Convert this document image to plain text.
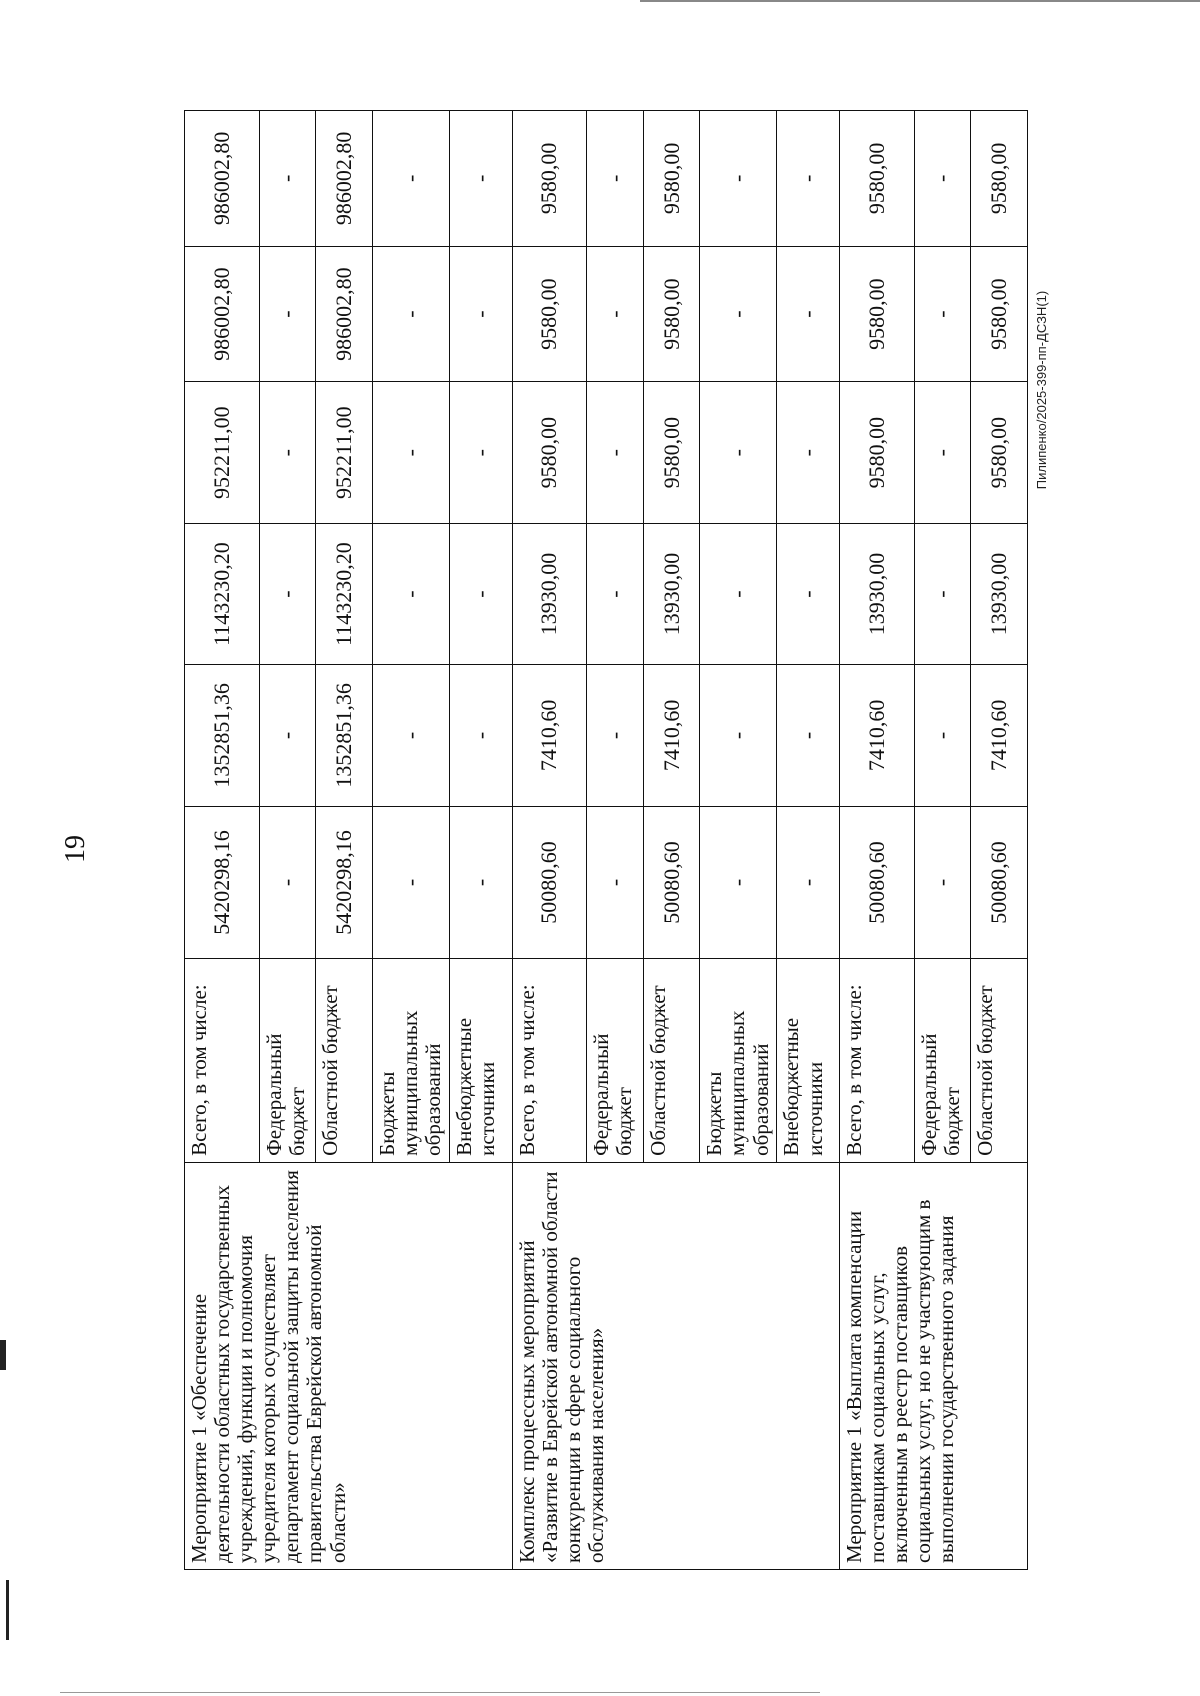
19
Пилипенко/2025-399-пп-ДСЗН(1)
Мероприятие 1 «Обеспечение деятельности областных государственных учреждений, функции и полномочия учредителя которых осуществляет департамент социальной защиты населения правительства Еврейской автономной области»	Всего, в том числе:	5420298,16	1352851,36	1143230,20	952211,00	986002,80	986002,80
	Федеральный бюджет	-	-	-	-	-	-
	Областной бюджет	5420298,16	1352851,36	1143230,20	952211,00	986002,80	986002,80
	Бюджеты муниципальных образований	-	-	-	-	-	-
	Внебюджетные источники	-	-	-	-	-	-
Комплекс процессных мероприятий «Развитие в Еврейской автономной области конкуренции в сфере социального обслуживания населения»	Всего, в том числе:	50080,60	7410,60	13930,00	9580,00	9580,00	9580,00
	Федеральный бюджет	-	-	-	-	-	-
	Областной бюджет	50080,60	7410,60	13930,00	9580,00	9580,00	9580,00
	Бюджеты муниципальных образований	-	-	-	-	-	-
	Внебюджетные источники	-	-	-	-	-	-
Мероприятие 1 «Выплата компенсации поставщикам социальных услуг, включенным в реестр поставщиков социальных услуг, но не участвующим в выполнении государственного задания	Всего, в том числе:	50080,60	7410,60	13930,00	9580,00	9580,00	9580,00
	Федеральный бюджет	-	-	-	-	-	-
	Областной бюджет	50080,60	7410,60	13930,00	9580,00	9580,00	9580,00
